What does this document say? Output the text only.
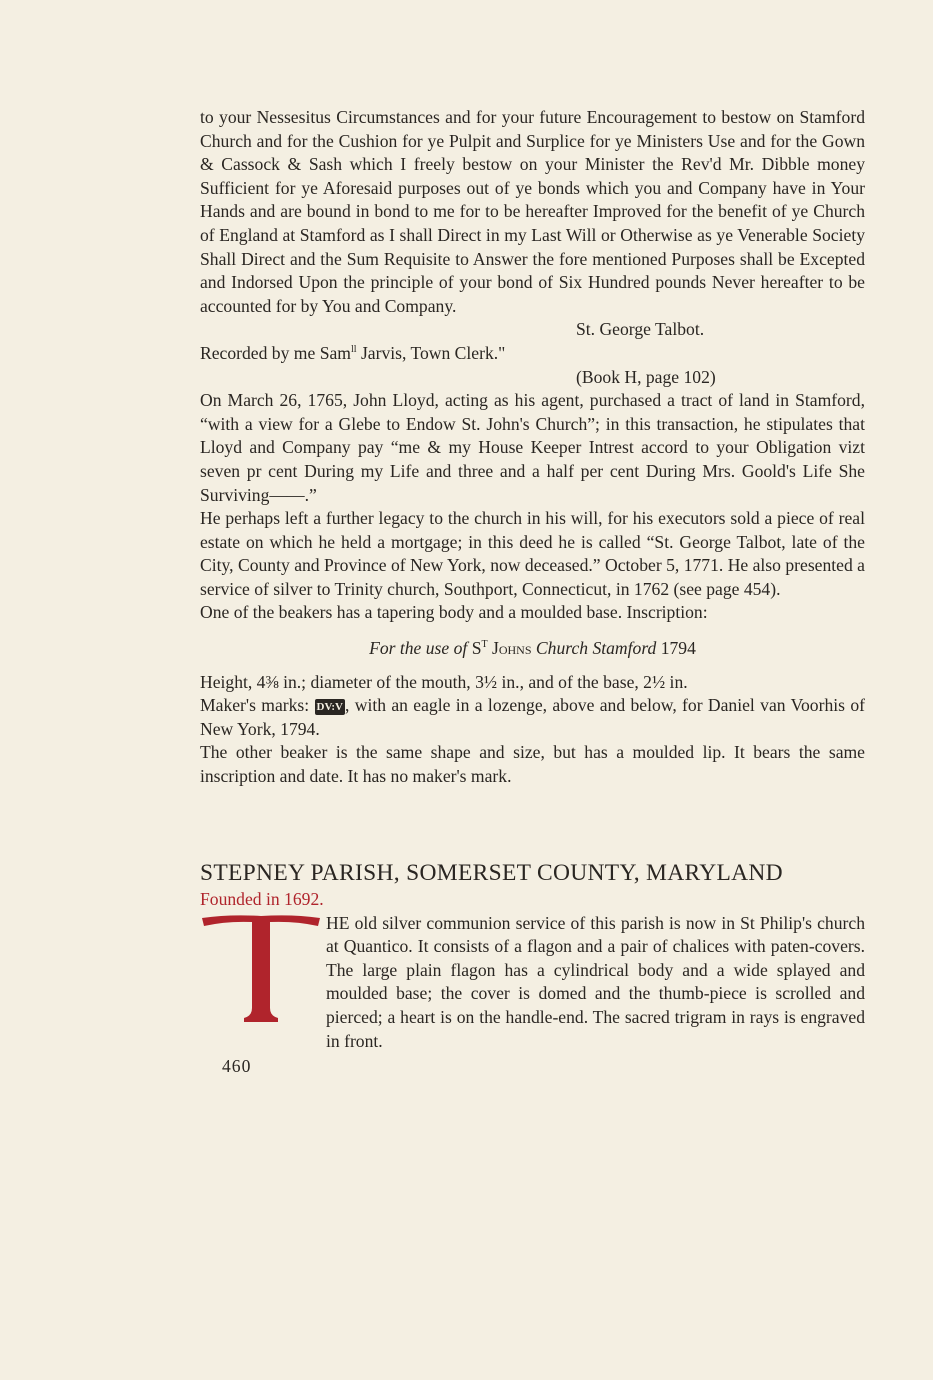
to your Nessesitus Circumstances and for your future Encouragement to bestow on Stamford Church and for the Cushion for ye Pulpit and Surplice for ye Ministers Use and for the Gown & Cassock & Sash which I freely bestow on your Minister the Rev'd Mr. Dibble money Sufficient for ye Aforesaid purposes out of ye bonds which you and Company have in Your Hands and are bound in bond to me for to be hereafter Improved for the benefit of ye Church of England at Stamford as I shall Direct in my Last Will or Otherwise as ye Venerable Society Shall Direct and the Sum Requisite to Answer the fore mentioned Purposes shall be Excepted and Indorsed Upon the principle of your bond of Six Hundred pounds Never hereafter to be accounted for by You and Company.

St. George Talbot.

Recorded by me Sam$^{ll}$ Jarvis, Town Clerk."

(Book H, page 102)

On March 26, 1765, John Lloyd, acting as his agent, purchased a tract of land in Stamford, “with a view for a Glebe to Endow St. John's Church”; in this transaction, he stipulates that Lloyd and Company pay “me & my House Keeper Intrest accord to your Obligation vizt seven pr cent During my Life and three and a half per cent During Mrs. Goold's Life She Surviving——.”

He perhaps left a further legacy to the church in his will, for his executors sold a piece of real estate on which he held a mortgage; in this deed he is called “St. George Talbot, late of the City, County and Province of New York, now deceased.” October 5, 1771. He also presented a service of silver to Trinity church, Southport, Connecticut, in 1762 (see page 454).

One of the beakers has a tapering body and a moulded base. Inscription:

For the use of $S^T$ Johns Church Stamford 1794

Height, 4⅜ in.; diameter of the mouth, 3½ in., and of the base, 2½ in.

Maker's marks: DV:V , with an eagle in a lozenge, above and below, for Daniel van Voorhis of New York, 1794.

The other beaker is the same shape and size, but has a moulded lip. It bears the same inscription and date. It has no maker's mark.

STEPNEY PARISH, SOMERSET COUNTY, MARYLAND
Founded in 1692.

HE old silver communion service of this parish is now in St Philip's church at Quantico. It consists of a flagon and a pair of chalices with paten-covers. The large plain flagon has a cylindrical body and a wide splayed and moulded base; the cover is domed and the thumb-piece is scrolled and pierced; a heart is on the handle-end. The sacred trigram in rays is engraved in front.

460
